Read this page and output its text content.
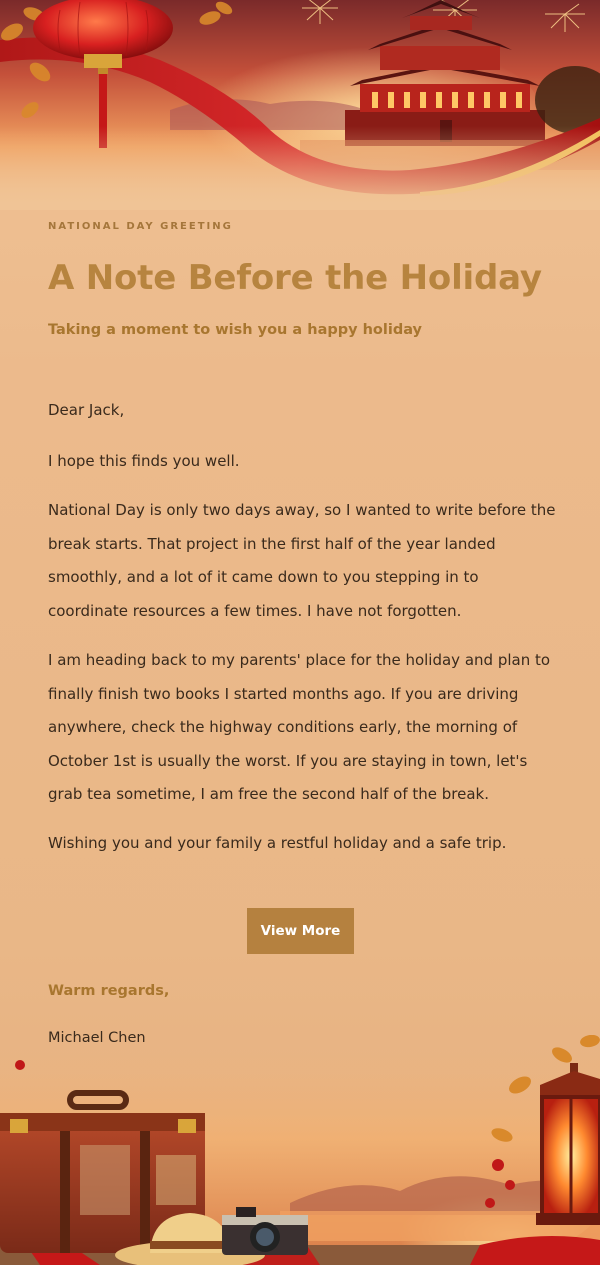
NATIONAL DAY GREETING
A Note Before the Holiday
Taking a moment to wish you a happy holiday

Dear Jack,

I hope this finds you well.

National Day is only two days away, so I wanted to write before the break starts. That project in the first half of the year landed smoothly, and a lot of it came down to you stepping in to coordinate resources a few times. I have not forgotten.

I am heading back to my parents' place for the holiday and plan to finally finish two books I started months ago. If you are driving anywhere, check the highway conditions early, the morning of October 1st is usually the worst. If you are staying in town, let's grab tea sometime, I am free the second half of the break.

Wishing you and your family a restful holiday and a safe trip.

View More
Warm regards,
Michael Chen
